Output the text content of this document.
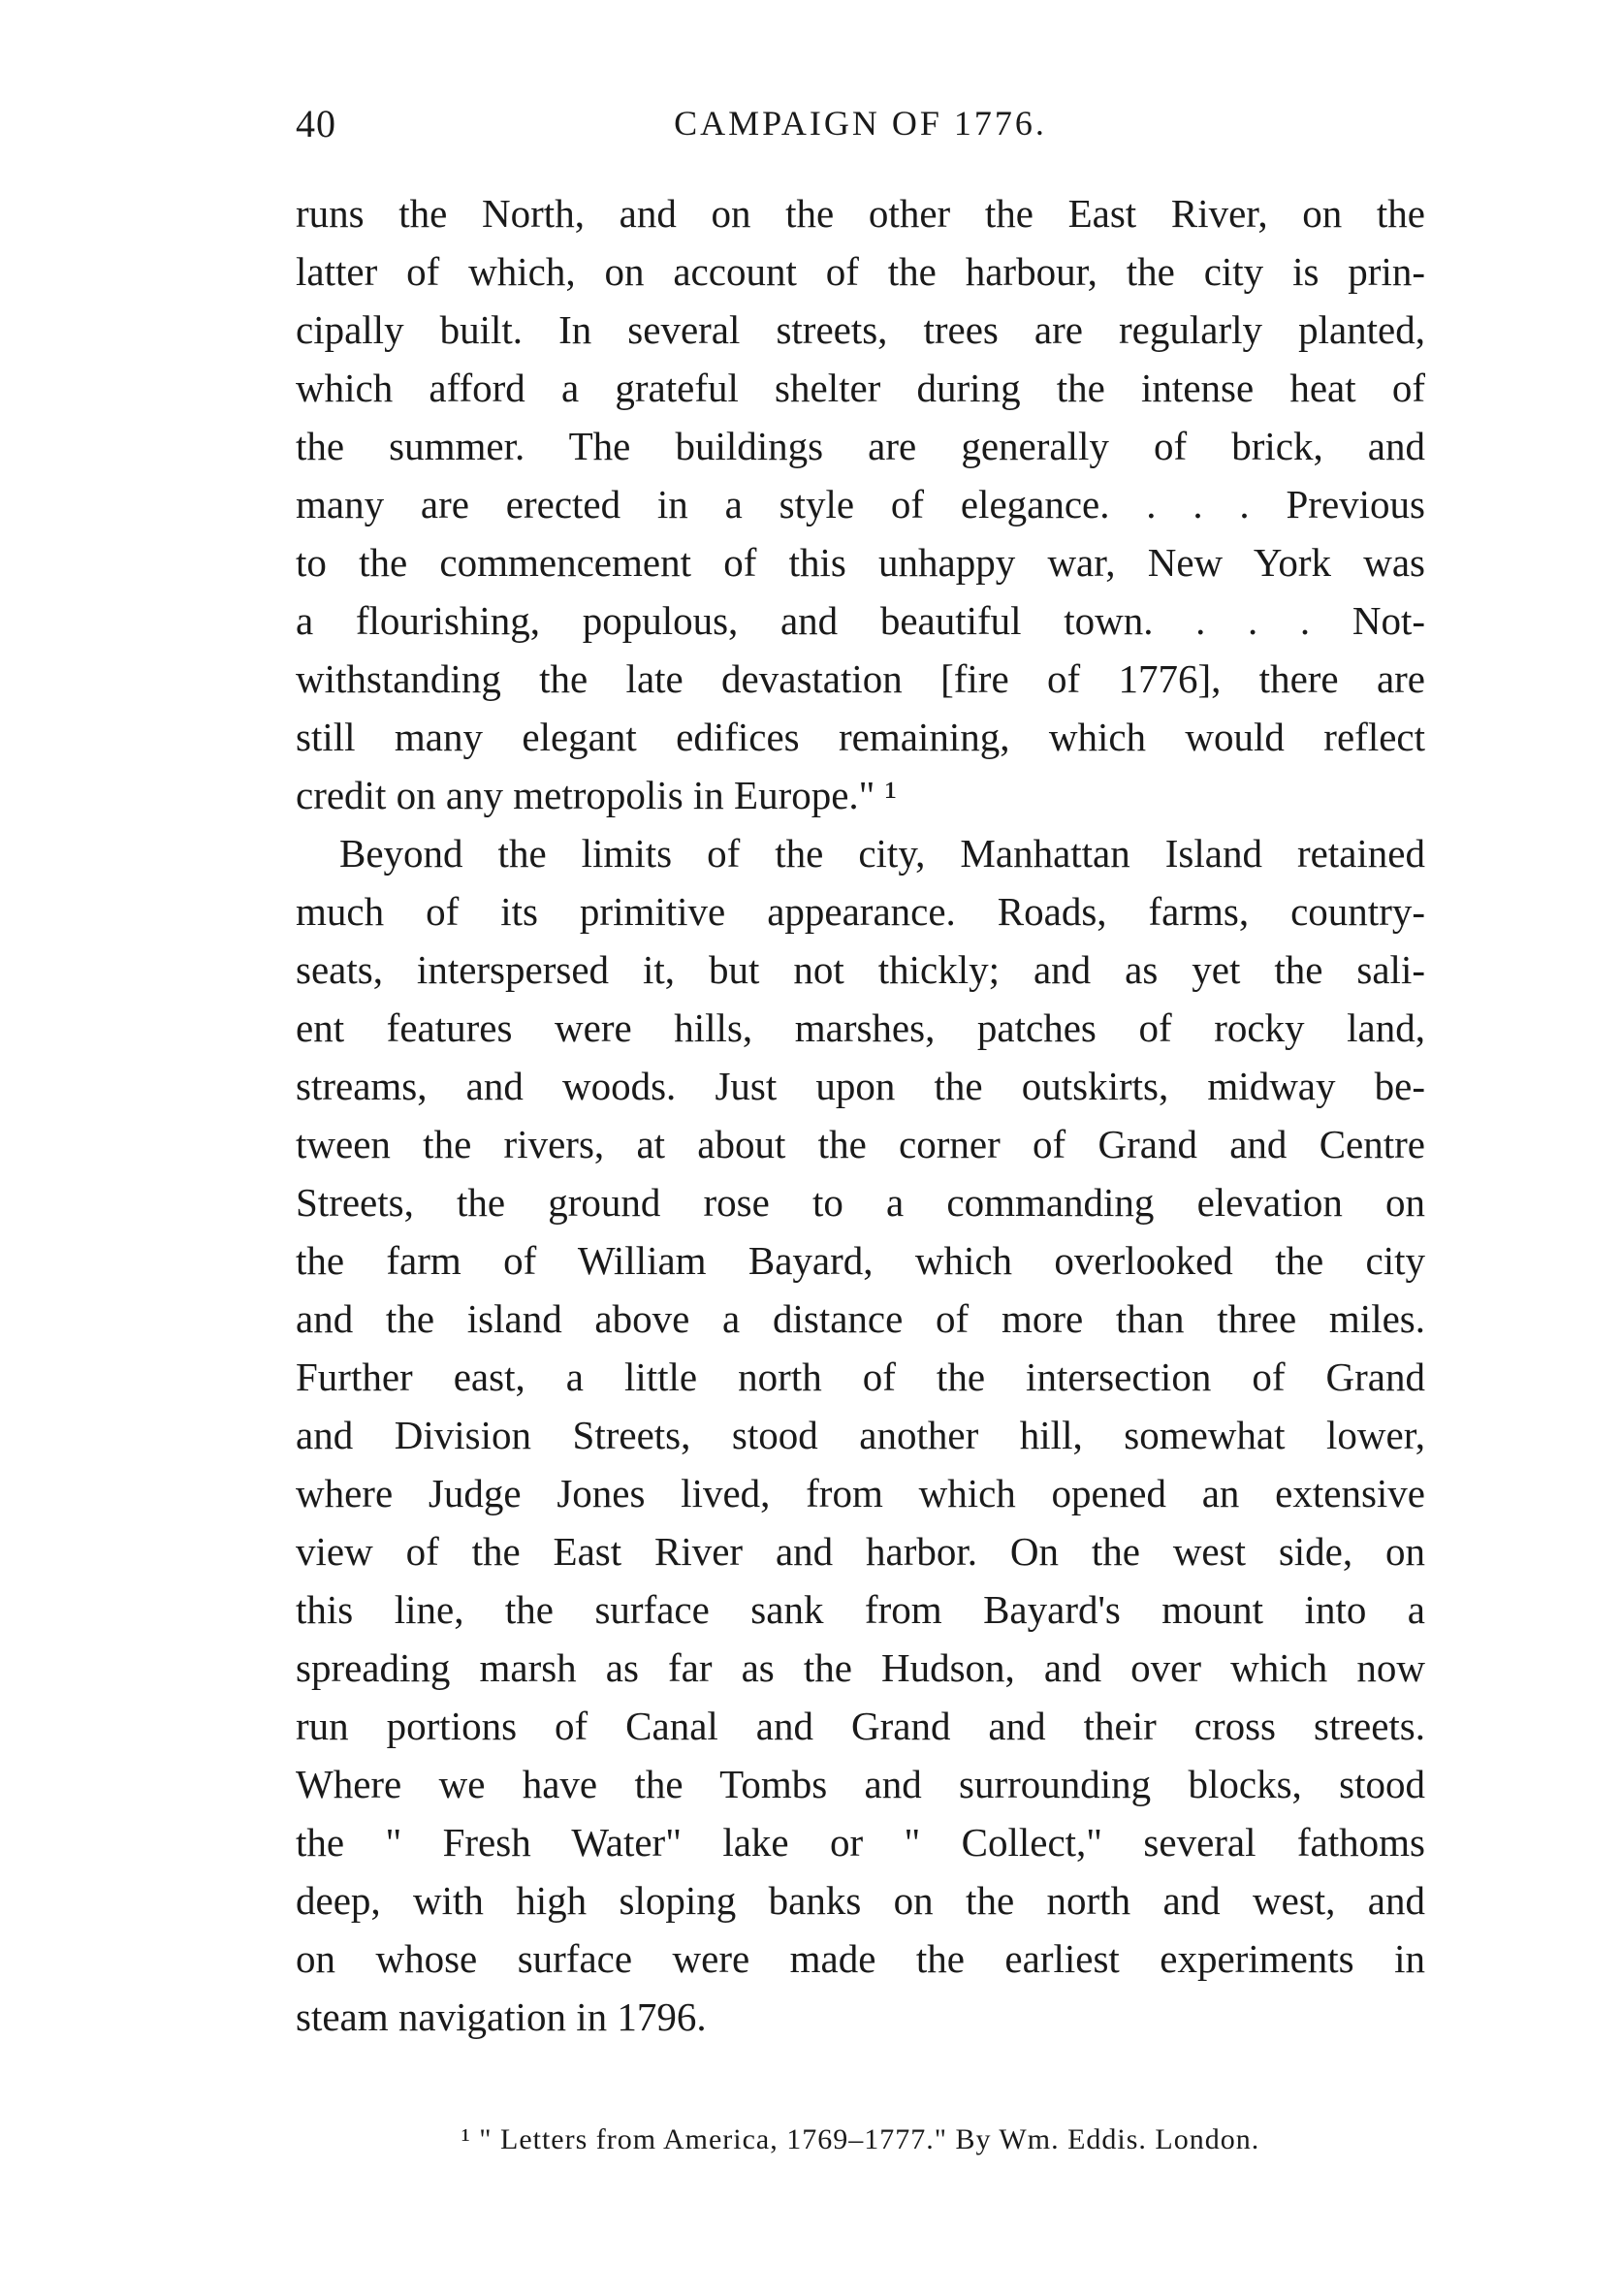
40	CAMPAIGN OF 1776.
runs the North, and on the other the East River, on the
latter of which, on account of the harbour, the city is prin-
cipally built. In several streets, trees are regularly planted,
which afford a grateful shelter during the intense heat of
the summer. The buildings are generally of brick, and
many are erected in a style of elegance. . . . Previous
to the commencement of this unhappy war, New York was
a flourishing, populous, and beautiful town. . . . Not-
withstanding the late devastation [fire of 1776], there are
still many elegant edifices remaining, which would reflect
credit on any metropolis in Europe." ¹
Beyond the limits of the city, Manhattan Island retained
much of its primitive appearance. Roads, farms, country-
seats, interspersed it, but not thickly; and as yet the sali-
ent features were hills, marshes, patches of rocky land,
streams, and woods. Just upon the outskirts, midway be-
tween the rivers, at about the corner of Grand and Centre
Streets, the ground rose to a commanding elevation on
the farm of William Bayard, which overlooked the city
and the island above a distance of more than three miles.
Further east, a little north of the intersection of Grand
and Division Streets, stood another hill, somewhat lower,
where Judge Jones lived, from which opened an extensive
view of the East River and harbor. On the west side, on
this line, the surface sank from Bayard's mount into a
spreading marsh as far as the Hudson, and over which now
run portions of Canal and Grand and their cross streets.
Where we have the Tombs and surrounding blocks, stood
the " Fresh Water" lake or " Collect," several fathoms
deep, with high sloping banks on the north and west, and
on whose surface were made the earliest experiments in
steam navigation in 1796.
¹ " Letters from America, 1769–1777." By Wm. Eddis. London.
